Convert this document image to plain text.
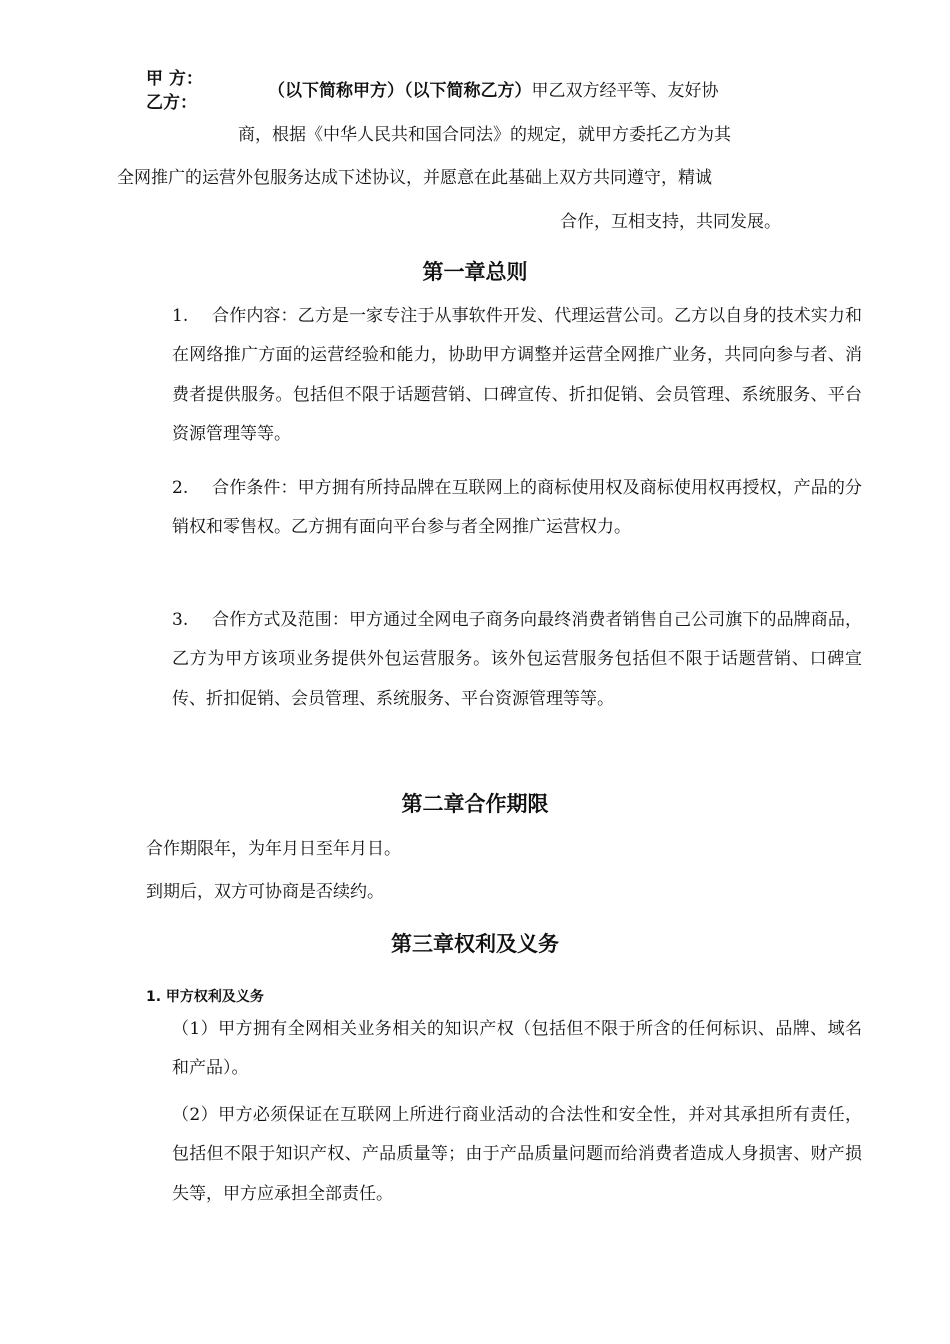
甲 方：
乙方：
（以下简称甲方）（以下简称乙方）甲乙双方经平等、友好协
商，根据《中华人民共和国合同法》的规定，就甲方委托乙方为其
全网推广的运营外包服务达成下述协议，并愿意在此基础上双方共同遵守，精诚
合作，互相支持，共同发展。
第一章总则
1. 合作内容：乙方是一家专注于从事软件开发、代理运营公司。乙方以自身的技术实力和在网络推广方面的运营经验和能力，协助甲方调整并运营全网推广业务，共同向参与者、消费者提供服务。包括但不限于话题营销、口碑宣传、折扣促销、会员管理、系统服务、平台资源管理等等。
2. 合作条件：甲方拥有所持品牌在互联网上的商标使用权及商标使用权再授权，产品的分销权和零售权。乙方拥有面向平台参与者全网推广运营权力。
3. 合作方式及范围：甲方通过全网电子商务向最终消费者销售自己公司旗下的品牌商品，乙方为甲方该项业务提供外包运营服务。该外包运营服务包括但不限于话题营销、口碑宣传、折扣促销、会员管理、系统服务、平台资源管理等等。
第二章合作期限
合作期限年，为年月日至年月日。
到期后，双方可协商是否续约。
第三章权利及义务
1. 甲方权利及义务
（1）甲方拥有全网相关业务相关的知识产权（包括但不限于所含的任何标识、品牌、域名和产品）。
（2）甲方必须保证在互联网上所进行商业活动的合法性和安全性，并对其承担所有责任，包括但不限于知识产权、产品质量等；由于产品质量问题而给消费者造成人身损害、财产损失等，甲方应承担全部责任。
